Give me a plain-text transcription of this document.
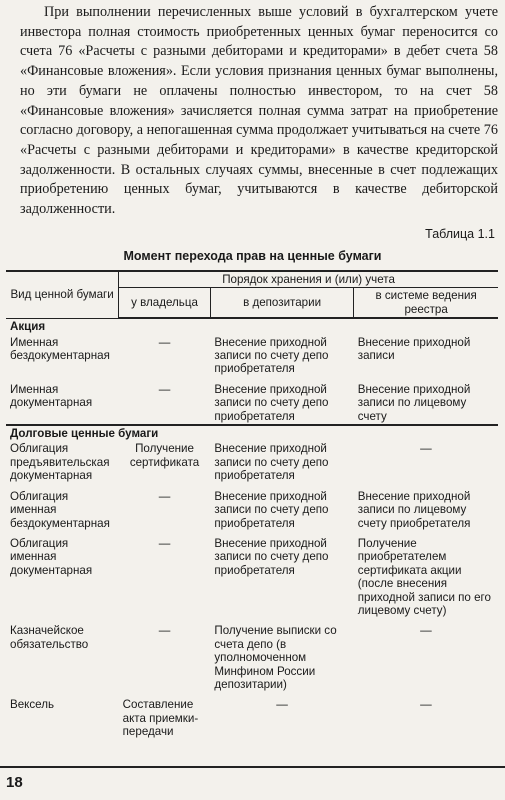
При выполнении перечисленных выше условий в бухгалтерском учете инвестора полная стоимость приобретенных ценных бумаг переносится со счета 76 «Расчеты с разными дебиторами и кредиторами» в дебет счета 58 «Финансовые вложения». Если условия признания ценных бумаг выполнены, но эти бумаги не оплачены полностью инвестором, то на счет 58 «Финансовые вложения» зачисляется полная сумма затрат на приобретение согласно договору, а непогашенная сумма продолжает учитываться на счете 76 «Расчеты с разными дебиторами и кредиторами» в качестве кредиторской задолженности. В остальных случаях суммы, внесенные в счет подлежащих приобретению ценных бумаг, учитываются в качестве дебиторской задолженности.

Таблица 1.1
Момент перехода прав на ценные бумаги
Вид ценной бумаги	Порядок хранения и (или) учета		
	у владельца	в депозитарии	в системе ведения реестра
Акция			
Именная бездокументарная	—	Внесение приходной записи по счету депо приобретателя	Внесение приходной записи
Именная документарная	—	Внесение приходной записи по счету депо приобретателя	Внесение приходной записи по лицевому счету
Долговые ценные бумаги			
Облигация предъявительская документарная	Получение сертификата	Внесение приходной записи по счету депо приобретателя	—
Облигация именная бездокументарная	—	Внесение приходной записи по счету депо приобретателя	Внесение приходной записи по лицевому счету приобретателя
Облигация именная документарная	—	Внесение приходной записи по счету депо приобретателя	Получение приобретателем сертификата акции (после внесения приходной записи по его лицевому счету)
Казначейское обязательство	—	Получение выписки со счета депо (в уполномоченном Минфином России депозитарии)	—
Вексель	Составление акта приемки-передачи	—	—
18
